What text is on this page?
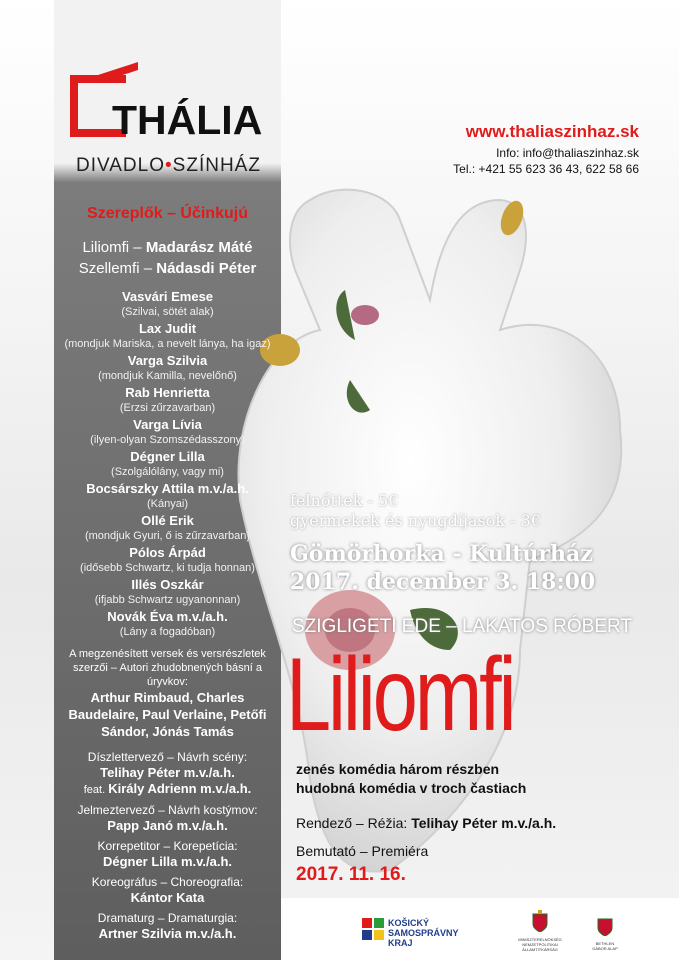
THÁLIA
DIVADLO•SZÍNHÁZ
www.thaliaszinhaz.sk
Info: info@thaliaszinhaz.sk
Tel.: +421 55 623 36 43, 622 58 66
felnőttek - 5€
gyermekek és nyugdíjasok - 3€
Gömörhorka - Kultúrház
2017. december 3. 18:00
SZIGLIGETI EDE – LAKATOS RÓBERT
Liliomfi
zenés komédia három részben
hudobná komédia v troch častiach
Rendező – Réžia: Telihay Péter m.v./a.h.
Bemutató – Premiéra
2017. 11. 16.
Szereplők – Účinkujú
Liliomfi – Madarász Máté
Szellemfi – Nádasdi Péter
Vasvári Emese
(Szilvai, sötét alak)
Lax Judit
(mondjuk Mariska, a nevelt lánya, ha igaz)
Varga Szilvia
(mondjuk Kamilla, nevelőnő)
Rab Henrietta
(Erzsi zűrzavarban)
Varga Lívia
(ilyen-olyan Szomszédasszony)
Dégner Lilla
(Szolgálólány, vagy mi)
Bocsárszky Attila m.v./a.h.
(Kányai)
Ollé Erik
(mondjuk Gyuri, ő is zűrzavarban)
Pólos Árpád
(idősebb Schwartz, ki tudja honnan)
Illés Oszkár
(ifjabb Schwartz ugyanonnan)
Novák Éva m.v./a.h.
(Lány a fogadóban)
A megzenésített versek és versrészletek szerzői – Autori zhudobnených básní a úryvkov:
Arthur Rimbaud, Charles Baudelaire, Paul Verlaine, Petőfi Sándor, Jónás Tamás
Díszlettervező – Návrh scény:
Telihay Péter m.v./a.h.
feat. Király Adrienn m.v./a.h.
Jelmeztervező – Návrh kostýmov:
Papp Janó m.v./a.h.
Korrepetitor – Korepetícia:
Dégner Lilla m.v./a.h.
Koreográfus – Choreografia:
Kántor Kata
Dramaturg – Dramaturgia:
Artner Szilvia m.v./a.h.
KOŠICKÝ
SAMOSPRÁVNY
KRAJ	MINISZTERELNÖKSÉG NEMZETPOLITIKAI ÁLLAMTITKÁRSÁG
BETHLEN GÁBOR ALAP
